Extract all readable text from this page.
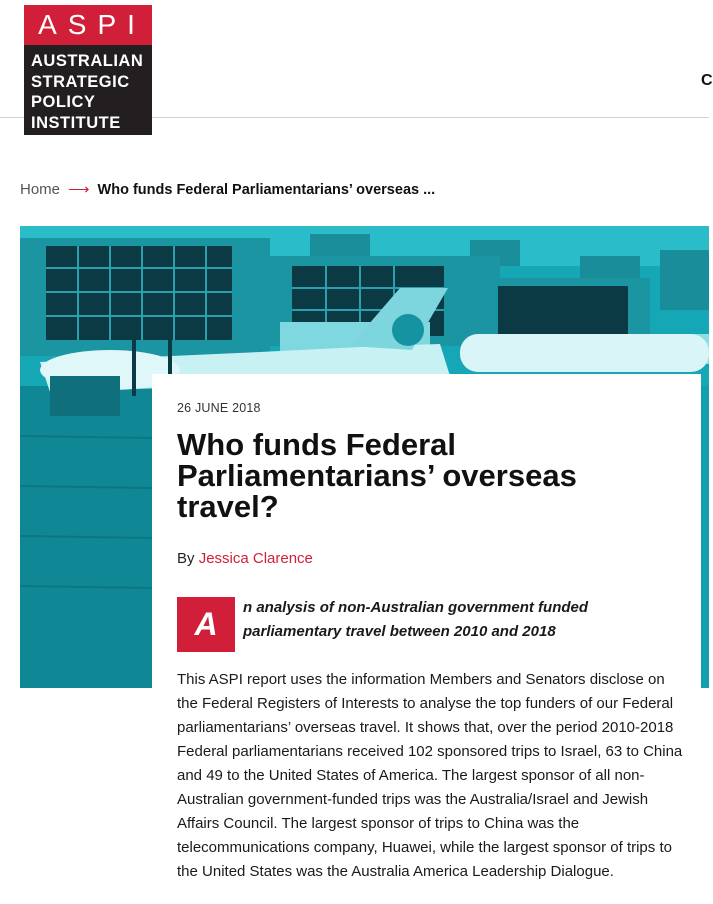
ASPI
AUSTRALIAN
STRATEGIC
POLICY
INSTITUTE
C
Home ⟶ Who funds Federal Parliamentarians’ overseas ...
26 JUNE 2018
Who funds Federal Parliamentarians’ overseas travel?
By Jessica Clarence
A	n analysis of non-Australian government funded parliamentary travel between 2010 and 2018
This ASPI report uses the information Members and Senators disclose on the Federal Registers of Interests to analyse the top funders of our Federal parliamentarians’ overseas travel. It shows that, over the period 2010-2018 Federal parliamentarians received 102 sponsored trips to Israel, 63 to China and 49 to the United States of America. The largest sponsor of all non-Australian government-funded trips was the Australia/Israel and Jewish Affairs Council. The largest sponsor of trips to China was the telecommunications company, Huawei, while the largest sponsor of trips to the United States was the Australia America Leadership Dialogue.
